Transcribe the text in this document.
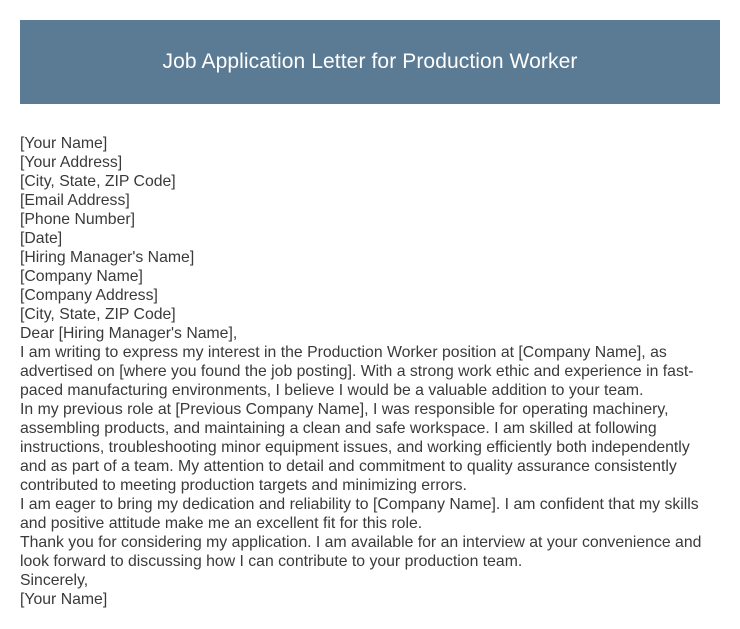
Job Application Letter for Production Worker
[Your Name]
[Your Address]
[City, State, ZIP Code]
[Email Address]
[Phone Number]
[Date]
[Hiring Manager's Name]
[Company Name]
[Company Address]
[City, State, ZIP Code]
Dear [Hiring Manager's Name],
I am writing to express my interest in the Production Worker position at [Company Name], as
advertised on [where you found the job posting]. With a strong work ethic and experience in fast-
paced manufacturing environments, I believe I would be a valuable addition to your team.
In my previous role at [Previous Company Name], I was responsible for operating machinery,
assembling products, and maintaining a clean and safe workspace. I am skilled at following
instructions, troubleshooting minor equipment issues, and working efficiently both independently
and as part of a team. My attention to detail and commitment to quality assurance consistently
contributed to meeting production targets and minimizing errors.
I am eager to bring my dedication and reliability to [Company Name]. I am confident that my skills
and positive attitude make me an excellent fit for this role.
Thank you for considering my application. I am available for an interview at your convenience and
look forward to discussing how I can contribute to your production team.
Sincerely,
[Your Name]
